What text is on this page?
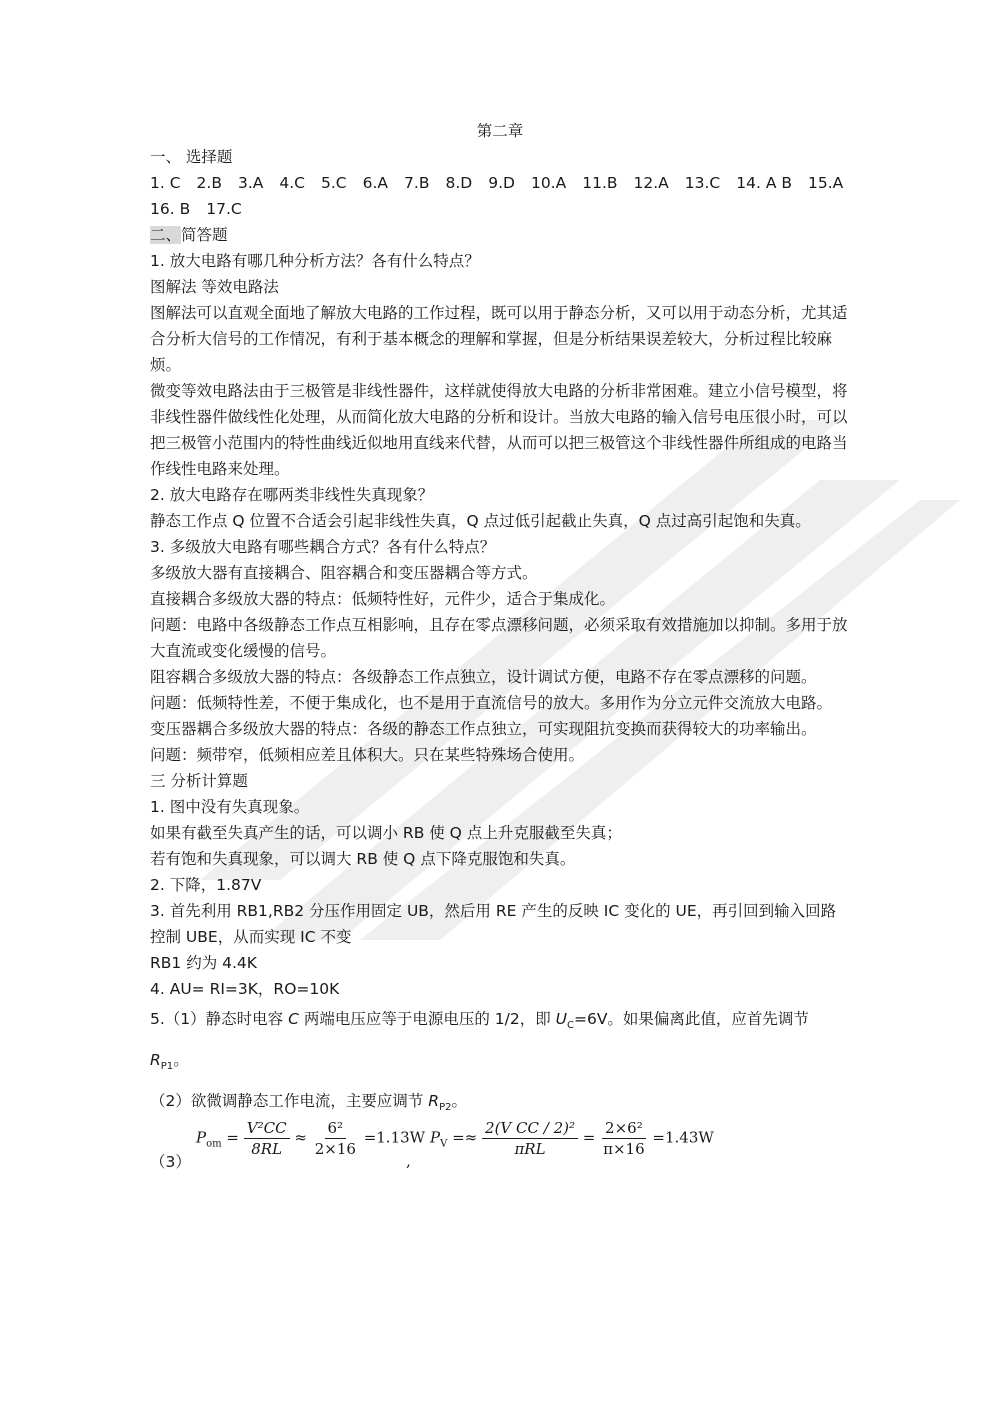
第二章
一、 选择题
1. C 2.B 3.A 4.C 5.C 6.A 7.B 8.D 9.D 10.A 11.B 12.A 13.C 14. A B 15.A
16. B 17.C
二、简答题
1. 放大电路有哪几种分析方法？各有什么特点？
图解法 等效电路法
图解法可以直观全面地了解放大电路的工作过程，既可以用于静态分析，又可以用于动态分析，尤其适合分析大信号的工作情况，有利于基本概念的理解和掌握，但是分析结果误差较大，分析过程比较麻烦。
微变等效电路法由于三极管是非线性器件，这样就使得放大电路的分析非常困难。建立小信号模型，将非线性器件做线性化处理，从而简化放大电路的分析和设计。当放大电路的输入信号电压很小时，可以把三极管小范围内的特性曲线近似地用直线来代替，从而可以把三极管这个非线性器件所组成的电路当作线性电路来处理。
2. 放大电路存在哪两类非线性失真现象？
静态工作点 Q 位置不合适会引起非线性失真，Q 点过低引起截止失真，Q 点过高引起饱和失真。
3. 多级放大电路有哪些耦合方式？各有什么特点？
多级放大器有直接耦合、阻容耦合和变压器耦合等方式。
直接耦合多级放大器的特点：低频特性好，元件少，适合于集成化。
问题：电路中各级静态工作点互相影响，且存在零点漂移问题，必须采取有效措施加以抑制。多用于放大直流或变化缓慢的信号。
阻容耦合多级放大器的特点：各级静态工作点独立，设计调试方便，电路不存在零点漂移的问题。
问题：低频特性差，不便于集成化，也不是用于直流信号的放大。多用作为分立元件交流放大电路。
变压器耦合多级放大器的特点：各级的静态工作点独立，可实现阻抗变换而获得较大的功率输出。
问题：频带窄，低频相应差且体积大。只在某些特殊场合使用。
三 分析计算题
1. 图中没有失真现象。
如果有截至失真产生的话，可以调小 RB 使 Q 点上升克服截至失真；
若有饱和失真现象，可以调大 RB 使 Q 点下降克服饱和失真。
2. 下降，1.87V
3. 首先利用 RB1,RB2 分压作用固定 UB，然后用 RE 产生的反映 IC 变化的 UE，再引回到输入回路控制 UBE，从而实现 IC 不变
RB1 约为 4.4K
4. AU= RI=3K，RO=10K
5.（1）静态时电容 C 两端电压应等于电源电压的 1/2，即 $U_C=6V$。如果偏离此值，应首先调节 $R_{P1}$。
（2）欲微调静态工作电流，主要应调节 $R_{P2}$。
（3）
$P_{om} = \frac{\text{V²CC}}{8RL} \approx \frac{\text{6²}}{2\times 16} =1.13W$
,
$P_V =\approx \frac{\text{2(V CC / 2)²}}{\text{πRL}} = \frac{\text{2×6²}}{\pi\times 16} =1.43W$
